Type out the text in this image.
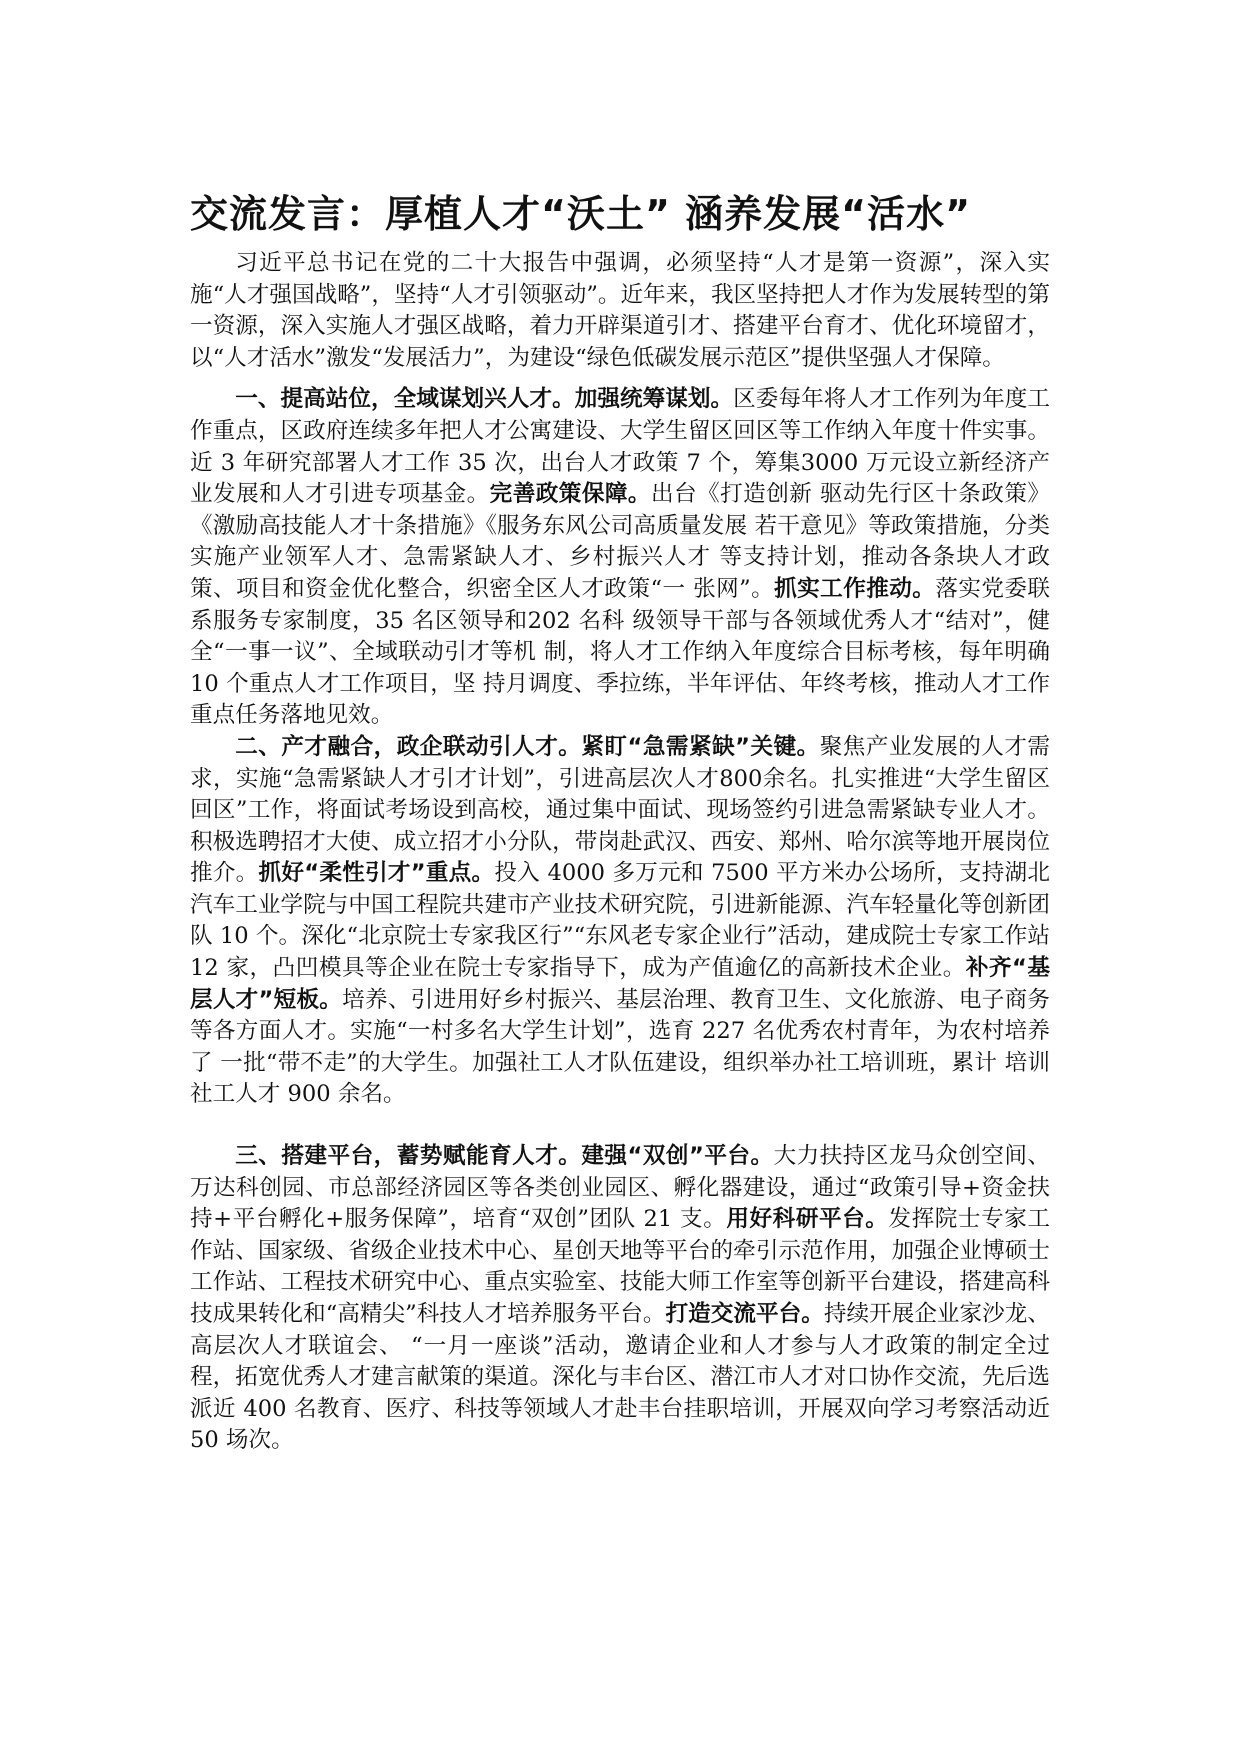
交流发言：厚植人才“沃土” 涵养发展“活水”

习近平总书记在党的二十大报告中强调，必须坚持“人才是第一资源”，深入实施“人才强国战略”，坚持“人才引领驱动”。近年来，我区坚持把人才作为发展转型的第一资源，深入实施人才强区战略，着力开辟渠道引才、搭建平台育才、优化环境留才，以“人才活水”激发“发展活力”，为建设“绿色低碳发展示范区”提供坚强人才保障。

一、提高站位，全域谋划兴人才。加强统筹谋划。区委每年将人才工作列为年度工作重点，区政府连续多年把人才公寓建设、大学生留区回区等工作纳入年度十件实事。近 3 年研究部署人才工作 35 次，出台人才政策 7 个，筹集3000 万元设立新经济产业发展和人才引进专项基金。完善政策保障。出台《打造创新 驱动先行区十条政策》《激励高技能人才十条措施》《服务东风公司高质量发展 若干意见》等政策措施，分类实施产业领军人才、急需紧缺人才、乡村振兴人才 等支持计划，推动各条块人才政策、项目和资金优化整合，织密全区人才政策“一 张网”。抓实工作推动。落实党委联系服务专家制度，35 名区领导和202 名科 级领导干部与各领域优秀人才“结对”，健全“一事一议”、全域联动引才等机 制，将人才工作纳入年度综合目标考核，每年明确 10 个重点人才工作项目，坚 持月调度、季拉练，半年评估、年终考核，推动人才工作重点任务落地见效。

二、产才融合，政企联动引人才。紧盯“急需紧缺”关键。聚焦产业发展的人才需求，实施“急需紧缺人才引才计划”，引进高层次人才800余名。扎实推进“大学生留区回区”工作，将面试考场设到高校，通过集中面试、现场签约引进急需紧缺专业人才。积极选聘招才大使、成立招才小分队，带岗赴武汉、西安、郑州、哈尔滨等地开展岗位推介。抓好“柔性引才”重点。投入 4000 多万元和 7500 平方米办公场所，支持湖北汽车工业学院与中国工程院共建市产业技术研究院，引进新能源、汽车轻量化等创新团队 10 个。深化“北京院士专家我区行”“东风老专家企业行”活动，建成院士专家工作站 12 家，凸凹模具等企业在院士专家指导下，成为产值逾亿的高新技术企业。补齐“基层人才”短板。培养、引进用好乡村振兴、基层治理、教育卫生、文化旅游、电子商务等各方面人才。实施“一村多名大学生计划”，选育 227 名优秀农村青年，为农村培养了 一批“带不走”的大学生。加强社工人才队伍建设，组织举办社工培训班，累计 培训社工人才 900 余名。

三、搭建平台，蓄势赋能育人才。建强“双创”平台。大力扶持区龙马众创空间、万达科创园、市总部经济园区等各类创业园区、孵化器建设，通过“政策引导+资金扶持+平台孵化+服务保障”，培育“双创”团队 21 支。用好科研平台。发挥院士专家工作站、国家级、省级企业技术中心、星创天地等平台的牵引示范作用，加强企业博硕士工作站、工程技术研究中心、重点实验室、技能大师工作室等创新平台建设，搭建高科技成果转化和“高精尖”科技人才培养服务平台。打造交流平台。持续开展企业家沙龙、高层次人才联谊会、 “一月一座谈”活动，邀请企业和人才参与人才政策的制定全过程，拓宽优秀人才建言献策的渠道。深化与丰台区、潜江市人才对口协作交流，先后选派近 400 名教育、医疗、科技等领域人才赴丰台挂职培训，开展双向学习考察活动近 50 场次。
